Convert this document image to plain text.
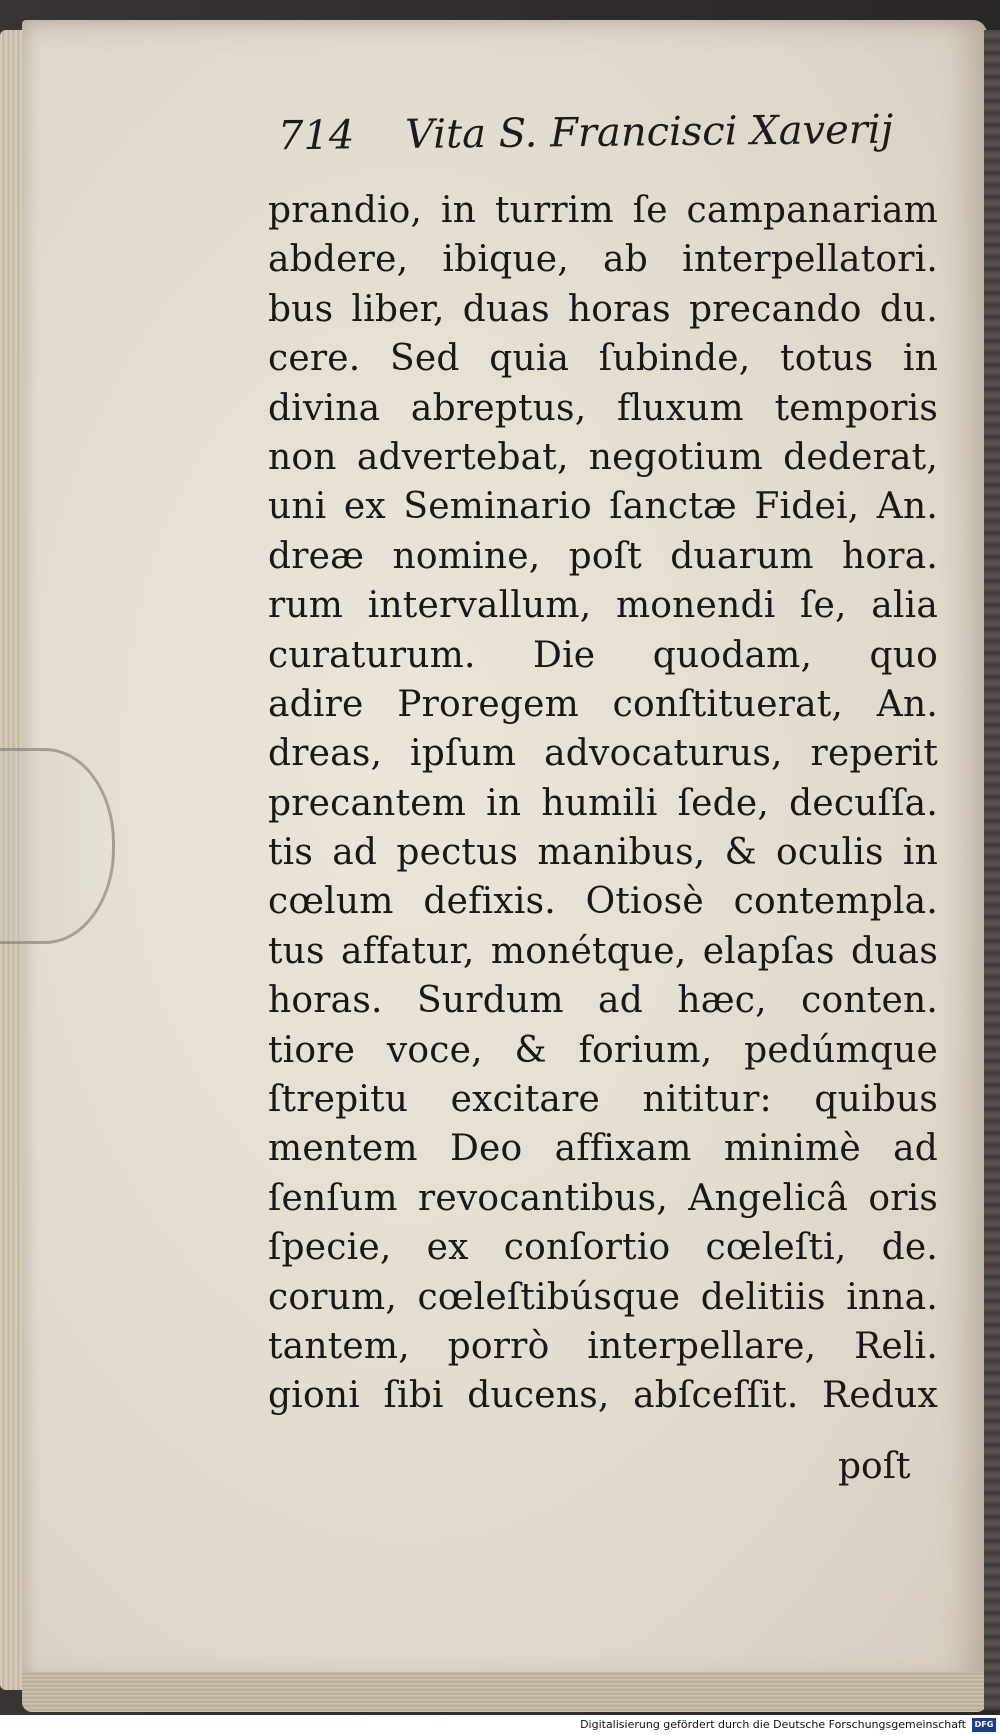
714 Vita S. Francisci Xaverij
prandio, in turrim ſe campanariam
abdere, ibique, ab interpellatori.
bus liber, duas horas precando du.
cere. Sed quia ſubinde, totus in
divina abreptus, fluxum temporis
non advertebat, negotium dederat,
uni ex Seminario ſanctæ Fidei, An.
dreæ nomine, poſt duarum hora.
rum intervallum, monendi ſe, alia
curaturum. Die quodam, quo
adire Proregem conſtituerat, An.
dreas, ipſum advocaturus, reperit
precantem in humili ſede, decuſſa.
tis ad pectus manibus, & oculis in
cœlum defixis. Otiosè contempla.
tus affatur, monétque, elapſas duas
horas. Surdum ad hæc, conten.
tiore voce, & forium, pedúmque
ſtrepitu excitare nititur: quibus
mentem Deo affixam minimè ad
ſenſum revocantibus, Angelicâ oris
ſpecie, ex conſortio cœleſti, de.
corum, cœleſtibúsque delitiis inna.
tantem, porrò interpellare, Reli.
gioni ſibi ducens, abſceſſit. Redux
poſt
Digitalisierung gefördert durch die Deutsche Forschungsgemeinschaft	DFG
